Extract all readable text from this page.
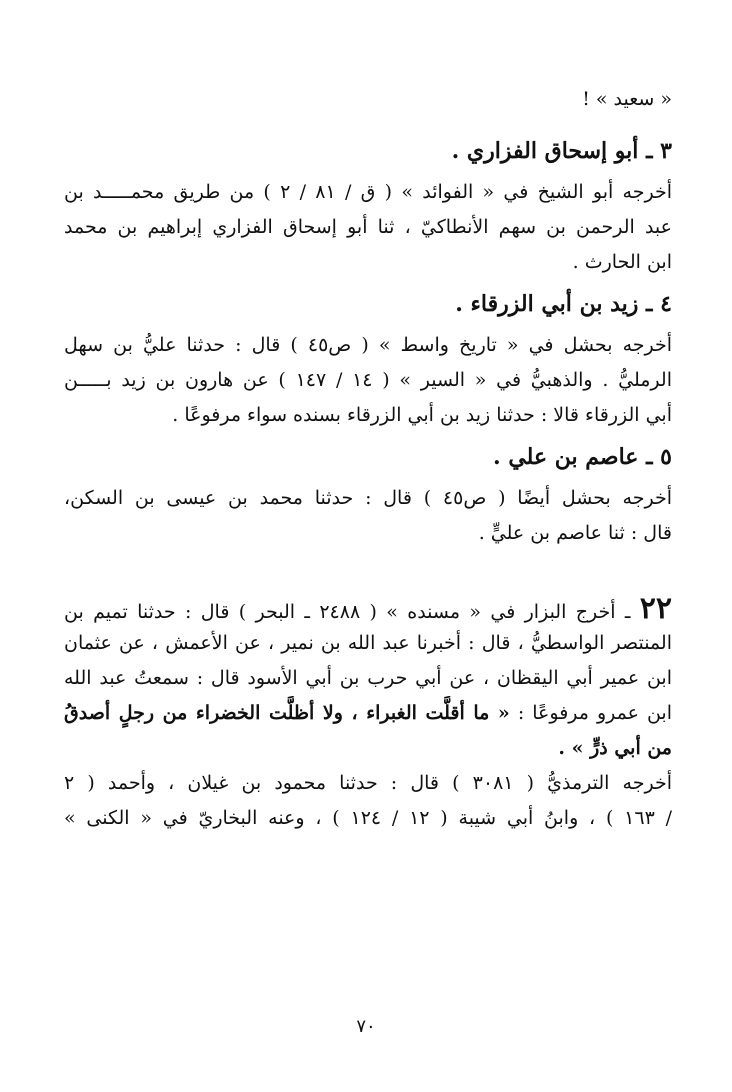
« سعيد » !
٣ ـ أبو إسحاق الفزاري .
أخرجه أبو الشيخ في « الفوائد » ( ق / ٨١ / ٢ ) من طريق محمـــــد بن
عبد الرحمن بن سهم الأنطاكيّ ، ثنا أبو إسحاق الفزاري إبراهيم بن محمد
ابن الحارث .
٤ ـ زيد بن أبي الزرقاء .
أخرجه بحشل في « تاريخ واسط » ( ص٤٥ ) قال : حدثنا عليُّ بن سهل
الرمليُّ . والذهبيُّ في « السير » ( ١٤ / ١٤٧ ) عن هارون بن زيد بـــــن
أبي الزرقاء قالا : حدثنا زيد بن أبي الزرقاء بسنده سواء مرفوعًا .
٥ ـ عاصم بن علي .
أخرجه بحشل أيضًا ( ص٤٥ ) قال : حدثنا محمد بن عيسى بن السكن،
قال : ثنا عاصم بن عليٍّ .
٢٢ ـ أخرج البزار في « مسنده » ( ٢٤٨٨ ـ البحر ) قال : حدثنا تميم بن
المنتصر الواسطيُّ ، قال : أخبرنا عبد الله بن نمير ، عن الأعمش ، عن عثمان
ابن عمير أبي اليقظان ، عن أبي حرب بن أبي الأسود قال : سمعتُ عبد الله
ابن عمرو مرفوعًا : « ما أقلَّت الغبراء ، ولا أظلَّت الخضراء من رجلٍ أصدقُ
من أبي ذرٍّ » .
أخرجه الترمذيُّ ( ٣٠٨١ ) قال : حدثنا محمود بن غيلان ، وأحمد ( ٢
/ ١٦٣ ) ، وابنُ أبي شيبة ( ١٢ / ١٢٤ ) ، وعنه البخاريّ في « الكنى »
٧٠
